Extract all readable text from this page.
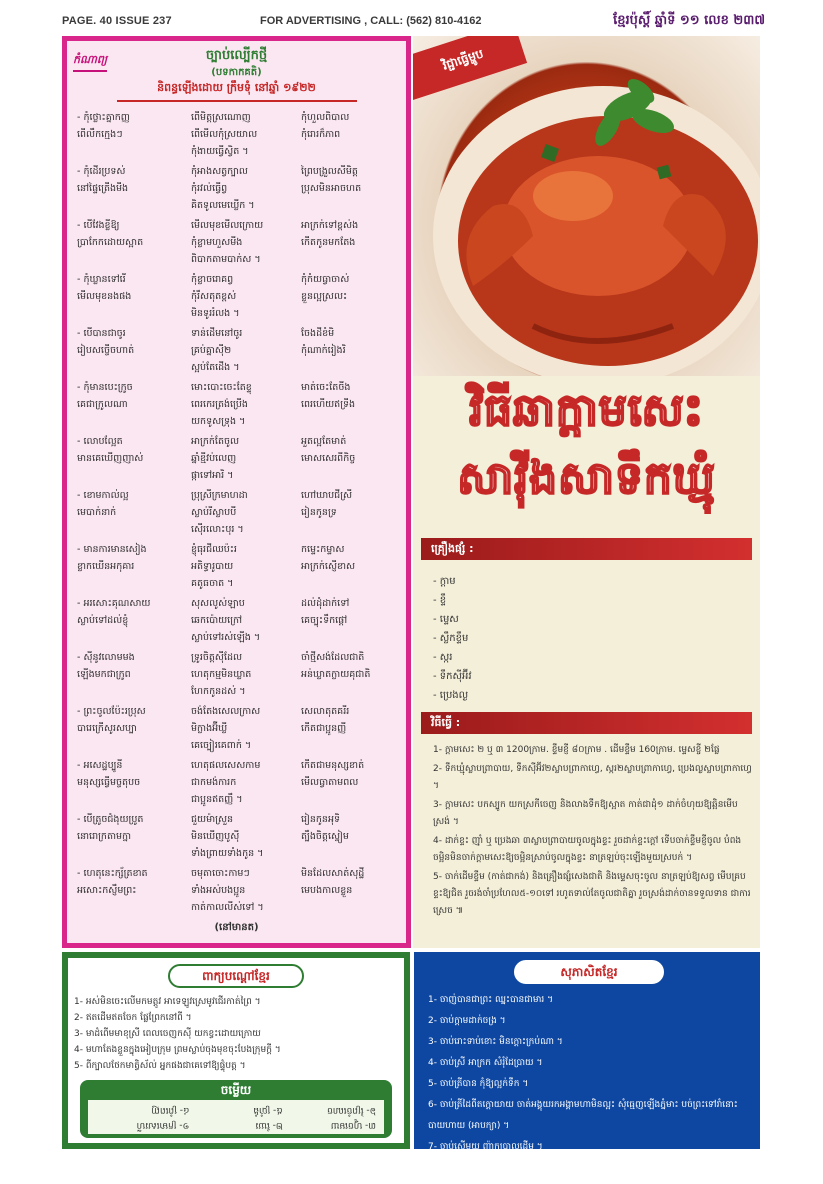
PAGE. 40 ISSUE 237	FOR ADVERTISING , CALL: (562) 810-4162	ខ្មែរប៉ុស្តិ៍ ឆ្នាំទី ១១ លេខ ២៣៧
កំណាព្យ	ច្បាប់ល្បើកថ្មី
(បទកាកគតិ)
និពន្ធឡើងដោយ ក្រឹមទុំ នៅឆ្នាំ ១៩២២
- កុំថ្លោះគ្នាកញ្ញ
ពើលឹកក្មេងៗ
ពើមិត្តស្រណោញ
ពើមើលកុំស្រយាល
កុំងាយធ្វើស្វិត ។
កុំហួលពិបាល
កុំរោរក៏ភាព
- កុំដើរប្រទស់
នៅផ្ទៃត្រើងមីង
កុំអាងសត្វក្បាល
កុំរវល់ធ្វើព្វ
គិតទូលមេឃ្លើក ។
ព្រៃបង្រួលសីមិត្ត
ប្រុសមិនអាចហត
- បើវែងខ្លីឱ្យ
ប្រាកែកដោយស្អាត
មើលមុខមើលក្រោយ
កុំខ្លាមហួសមីង
ពិបាកតាមបាក់ស ។
អាក្រក់ទៅខ្ពស់ង
កើតកូនមកតែង
- កុំឃ្លានទៅរើ
មើលមុខនងផង
កុំខ្លាចរោគព្វ
កុំរឹសតុតខ្ពស់
មិនទូររំលង ។
កុំកំយធ្វាចាស់
ខ្លួនល្អស្រលះ
- បើបានជាចូរ
រៀប​សច្ចើចហាត់
ទាន់ដើមនៅចូរ
គ្រប់គ្នាស៊ី២
ស្អប់តែដើង ។
ចែងដីខំមិ
កុំណាក់រៀងរិ
- កុំមានបេះក្រូច
គេជាក្រូលណា
មោះបោះចេះតែខ្ទុ
ពេរកេរត្រង់ប្រើង
យកទូសទ្រុង ។
មាត់ចេះតែចីង
ពេរហើយឥទ្រីង
- លោបល្អែត
មានគេឃើញញាស់
អាក្រក់តែចូល
ឆ្នាំខ្មីវប់លេញ
ផ្កាទៅអារិ ។
អួតល្អតែមាត់
មោសសេរពីកិច្ច
- ខោមកាល់ល្អ
មេបាក់នាក់
ប្រុស្រីក្រមាហដា
ស្លាប់រីស្លាបបី
ស៊ើរលោះបុរ ។
ហៅឃាបជីស្រី
រៀនកូនទ្រ
- មានការមានសៀង
ខ្លាកឃើនអកុគារ
ខ្ញុំធុរជីឈប៉ះរ
អតិទ្ធារូបាយ
គតូធចាត ។
កម្ទេះកម្ទាស
អាក្រក់ស្ញើខាស
- អរសោះគុណសាយ
ស្លាប់ទៅដល់ខ្ញុំ
សុសលូស់ឡាប
ឆេកប៉ោយក្រៅ
ស្លាប់ទៅរស់ឡើង ។
ដល់ដុំដាក់ទៅ
គេច្បុះទឹកផ្តៅ
- ស៊ីនូវលោមមង
ឡើងមកជាក្រូព
ទ្រូរចិត្តស៊ីដែល
ហេតុកម្មមិនឃ្លាត
ហែកកូនដស់ ។
ចាំថ្មីសង់ដែលជាតិ
អន់ឃ្លាតក្លាយគុជាតិ
- ព្រះចូលប៉ែះរប្រុស
បារេក្រើសូរសប្បា
ចង់តែងសេលក្រាស
មិក្លាងអ៊ីឃ្លី
គេច្បៀរគេពាក់ ។
សេលាតុតគរីរ
កើតជាប្អូនញ្ញី
- អសេដ្ឋប្បូនី
មនុស្សធ្វើមច្ចតុបច
ហេតុផលសេសកាម
ជាកមង់ការក
ជាប្អូនឥតញ្ញឹ ។
កើតជាមនុស្សខាត់
មើលធ្វាតាមពល
- បើត្រូចជំងុយប្រូត
នោរោក្រតាមក្នា
ជួយម៉ាស្រួន
មិនឃើញបូស៊ី
ទាំងព្រាយទាំងកូន ។
រៀនកូនអុទិ
ត្បឹងចិត្តស្នៀម
- ហេតុនេះក្ស័ត្រខាត
អសោះកស្ញឹមព្រះ
ចមុតាចោះកាមៗ
ទាំងអស់បងប្អូន
កាត់កាលលីស់ទៅ ។
មិនដែលសាត់សុដ្ឋី
មេបងកាលខ្លួន
(នៅមានត)
វិជ្ជាធ្វើម្ហូប
វិធីឆាក្តាមសេះ
សាវ៉ីងសាទឹកឃ្មុំ
គ្រឿងផ្សំ :
- ក្តាម
- ខ្ទឹ
- ម្ទេស
- ស្លឹកខ្ទឹម
- ស្ករ
- ទឹកស៊ីអ៊ីវ
- ប្រេងល្ង
វិធីធ្វើ :
1- ក្តាមសេះ ២ ឬ ៣ 1200ក្រាម. ខ្ទឹមខ្ញី ៨០ក្រាម . ដើមខ្ទឹម 160ក្រាម. ម្ទេសខ្ចី ២ផ្លែ
2- ទឹកឃ្មុំស្លាបព្រាបាយ, ទឹកស៊ីអ៊ីវ២ស្លាបព្រាកាហ្វេ, ស្ករ២ស្លាបព្រាកាហ្វេ, ប្រេងល្ងស្លាបព្រាកាហ្វេ ។
3- ក្តាមសេះ បកស្បូក យកស្រកីចេញ និងលាងទឹកឱ្យស្អាត កាត់ជាដុំ១ ដាក់ចំហុយឱ្យឆ្អិនមើបស្រង់ ។
4- ដាក់ខ្ទះ ញ៉ាំ ឬ ប្រេងឆា ៣ស្លាបព្រាបាយចូលក្នុងខ្ទះ រួចដាក់ខ្ទះក្តៅ ទើបចាក់ខ្ទឹមខ្ញីចូល បំពង ចម្អិនមិនចាក់ក្តាមសេះឱ្យចម្អិនស្រាប់ចូលក្នុងខ្ទះ នាត្រឡប់ចុះឡើងមួយស្របក់ ។
5- ចាក់ដើមខ្ទឹម (កាត់ជាកង់) និងគ្រឿងផ្សំសេងជាតិ និងម្ទេសចុះចូល នាត្រឡប់ឱ្យសព្វ មើបគ្របខ្ទះឱ្យជិត រួចរង់ចាំប្រហែល៥-១០ទៅ រហូតទាល់តែចូលជាតិគ្នា រួចស្រង់ដាក់ចានទទួលទាន ជាការស្រេច ៕
ពាក្យបណ្តៅខ្មែរ
1- អស់មិនចេះលើមកមត្តូវ អាទេឡូវស្រេមូវជើរកាត់ព្រៃ ។
2- ឥតដើមឥតចែក ផ្លែព្រែកនៅពី ។
3- មាដំពើមមាខុស្រី ពេលចេញកស៊ី យកខ្វះដោយក្រោយ
4- មហាតែងខ្លួនក្នុងអៀបក្រុម ព្រមស្លាប់ចុងមុខចុះបែងក្រុមក្តី ។
5- ពីក្បាលថែកមាត្វិស័ល់ អ្នកផងជាគេទៅឱ្យផ្ទុំបត្ត ។
ចម្លើយ
១- ក្រមាសេរហី	២- ឃែរ	៣- ហ្វូចមេឃ
៤- ព្រំពេញ	៥- ប្រាំងំ	៦- ព្រៃចំណេច
សុភាសិតខ្មែរ
1- ចាញ់បានជាព្រះ ឈ្នះបានជាមារ ។
2- ចាប់ក្តាមដាក់ចង្រ ។
3- ចាប់រោះទាប់ខោះ មិនក្តោះក្រប់ណា ។
4- ចាប់ស្រី អាក្រក សំរុំដែប្រាយ ។
5- ចាប់ត្រីបាន កុំឱ្យល្អក់ទឹក ។
6- ចាប់ត្រីដៃពីតក្តោយាយ ចាត់អង្គុយរកអង្គាមហាមិនល្អះ សុំធ្មេញឡើងភ្នំមាះ បច់ព្រះទៅរាំនោះបាយហាយ (អាបក្យា) ។
7- ចាប់ស៊ើមួយ ញ៉ាកប្រាលដើម ។
